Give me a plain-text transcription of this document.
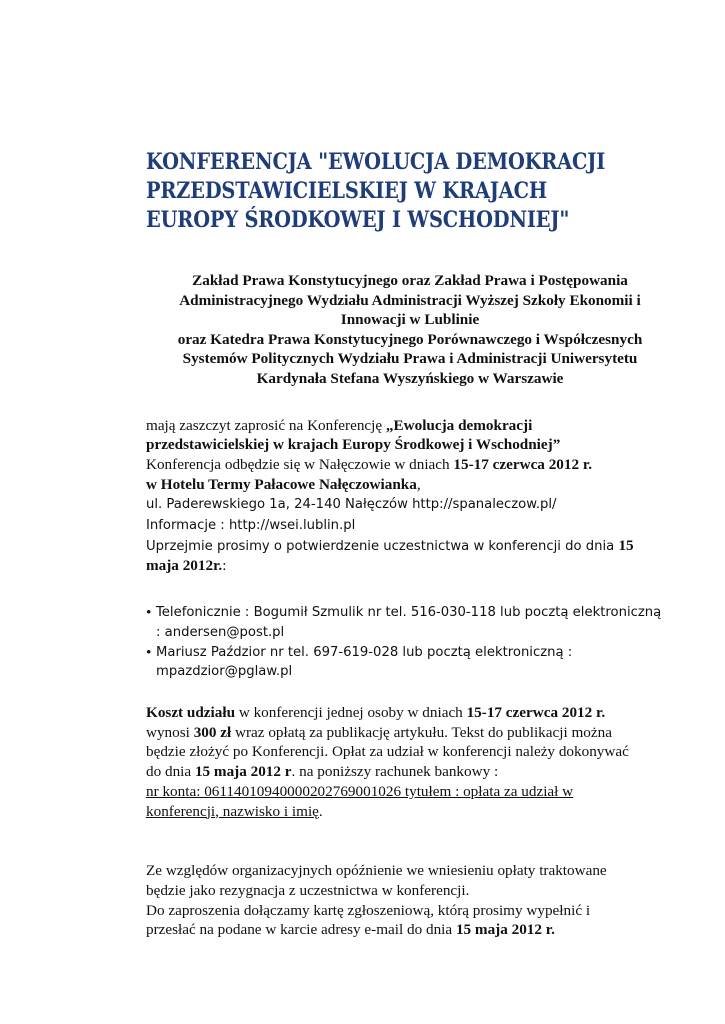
KONFERENCJA "EWOLUCJA DEMOKRACJI
PRZEDSTAWICIELSKIEJ W KRAJACH
EUROPY ŚRODKOWEJ I WSCHODNIEJ"
Zakład Prawa Konstytucyjnego oraz Zakład Prawa i Postępowania
Administracyjnego Wydziału Administracji Wyższej Szkoły Ekonomii i
Innowacji w Lublinie
oraz Katedra Prawa Konstytucyjnego Porównawczego i Współczesnych
Systemów Politycznych Wydziału Prawa i Administracji Uniwersytetu
Kardynała Stefana Wyszyńskiego w Warszawie
mają zaszczyt zaprosić na Konferencję „Ewolucja demokracji
przedstawicielskiej w krajach Europy Środkowej i Wschodniej”
Konferencja odbędzie się w Nałęczowie w dniach 15-17 czerwca 2012 r.
w Hotelu Termy Pałacowe Nałęczowianka,
ul. Paderewskiego 1a, 24-140 Nałęczów http://spanaleczow.pl/
Informacje : http://wsei.lublin.pl
Uprzejmie prosimy o potwierdzenie uczestnictwa w konferencji do dnia 15
maja 2012r.:
• Telefonicznie : Bogumił Szmulik nr tel. 516-030-118 lub pocztą elektroniczną
: andersen@post.pl
• Mariusz Paździor nr tel. 697-619-028 lub pocztą elektroniczną :
mpazdzior@pglaw.pl
Koszt udziału w konferencji jednej osoby w dniach 15-17 czerwca 2012 r.
wynosi 300 zł wraz opłatą za publikację artykułu. Tekst do publikacji można
będzie złożyć po Konferencji. Opłat za udział w konferencji należy dokonywać
do dnia 15 maja 2012 r. na poniższy rachunek bankowy :
nr konta: 06114010940000202769001026 tytułem : opłata za udział w
konferencji, nazwisko i imię.
Ze względów organizacyjnych opóźnienie we wniesieniu opłaty traktowane
będzie jako rezygnacja z uczestnictwa w konferencji.
Do zaproszenia dołączamy kartę zgłoszeniową, którą prosimy wypełnić i
przesłać na podane w karcie adresy e-mail do dnia 15 maja 2012 r.
